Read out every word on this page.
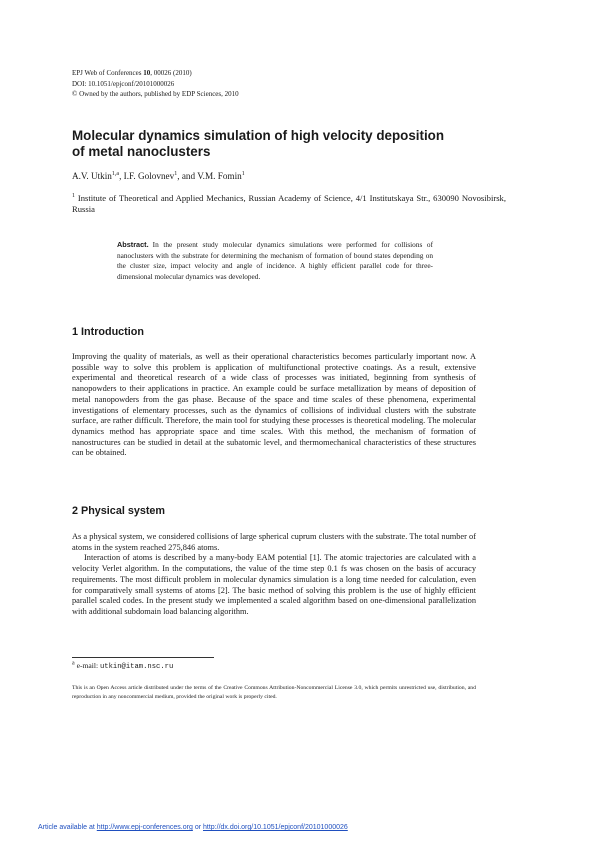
EPJ Web of Conferences 10, 00026 (2010)
DOI: 10.1051/epjconf/20101000026
© Owned by the authors, published by EDP Sciences, 2010
Molecular dynamics simulation of high velocity deposition
of metal nanoclusters
A.V. Utkin$^{1,a}$, I.F. Golovnev$^1$, and V.M. Fomin$^1$
$^1$ Institute of Theoretical and Applied Mechanics, Russian Academy of Science, 4/1 Institutskaya Str., 630090 Novosibirsk, Russia
Abstract. In the present study molecular dynamics simulations were performed for collisions of nanoclusters with the substrate for determining the mechanism of formation of bound states depending on the cluster size, impact velocity and angle of incidence. A highly efficient parallel code for three-dimensional molecular dynamics was developed.
1 Introduction

Improving the quality of materials, as well as their operational characteristics becomes particularly important now. A possible way to solve this problem is application of multifunctional protective coatings. As a result, extensive experimental and theoretical research of a wide class of processes was initiated, beginning from synthesis of nanopowders to their applications in practice. An example could be surface metallization by means of deposition of metal nanopowders from the gas phase. Because of the space and time scales of these phenomena, experimental investigations of elementary processes, such as the dynamics of collisions of individual clusters with the substrate surface, are rather difficult. Therefore, the main tool for studying these processes is theoretical modeling. The molecular dynamics method has appropriate space and time scales. With this method, the mechanism of formation of nanostructures can be studied in detail at the subatomic level, and thermomechanical characteristics of these structures can be obtained.

2 Physical system

As a physical system, we considered collisions of large spherical cuprum clusters with the substrate. The total number of atoms in the system reached 275,846 atoms.

Interaction of atoms is described by a many-body EAM potential [1]. The atomic trajectories are calculated with a velocity Verlet algorithm. In the computations, the value of the time step 0.1 fs was chosen on the basis of accuracy requirements. The most difficult problem in molecular dynamics simulation is a long time needed for calculation, even for comparatively small systems of atoms [2]. The basic method of solving this problem is the use of highly efficient parallel scaled codes. In the present study we implemented a scaled algorithm based on one-dimensional parallelization with additional subdomain load balancing algorithm.

$^a$ e-mail: utkin@itam.nsc.ru
This is an Open Access article distributed under the terms of the Creative Commons Attribution-Noncommercial License 3.0, which permits unrestricted use, distribution, and reproduction in any noncommercial medium, provided the original work is properly cited.
Article available at http://www.epj-conferences.org or http://dx.doi.org/10.1051/epjconf/20101000026
